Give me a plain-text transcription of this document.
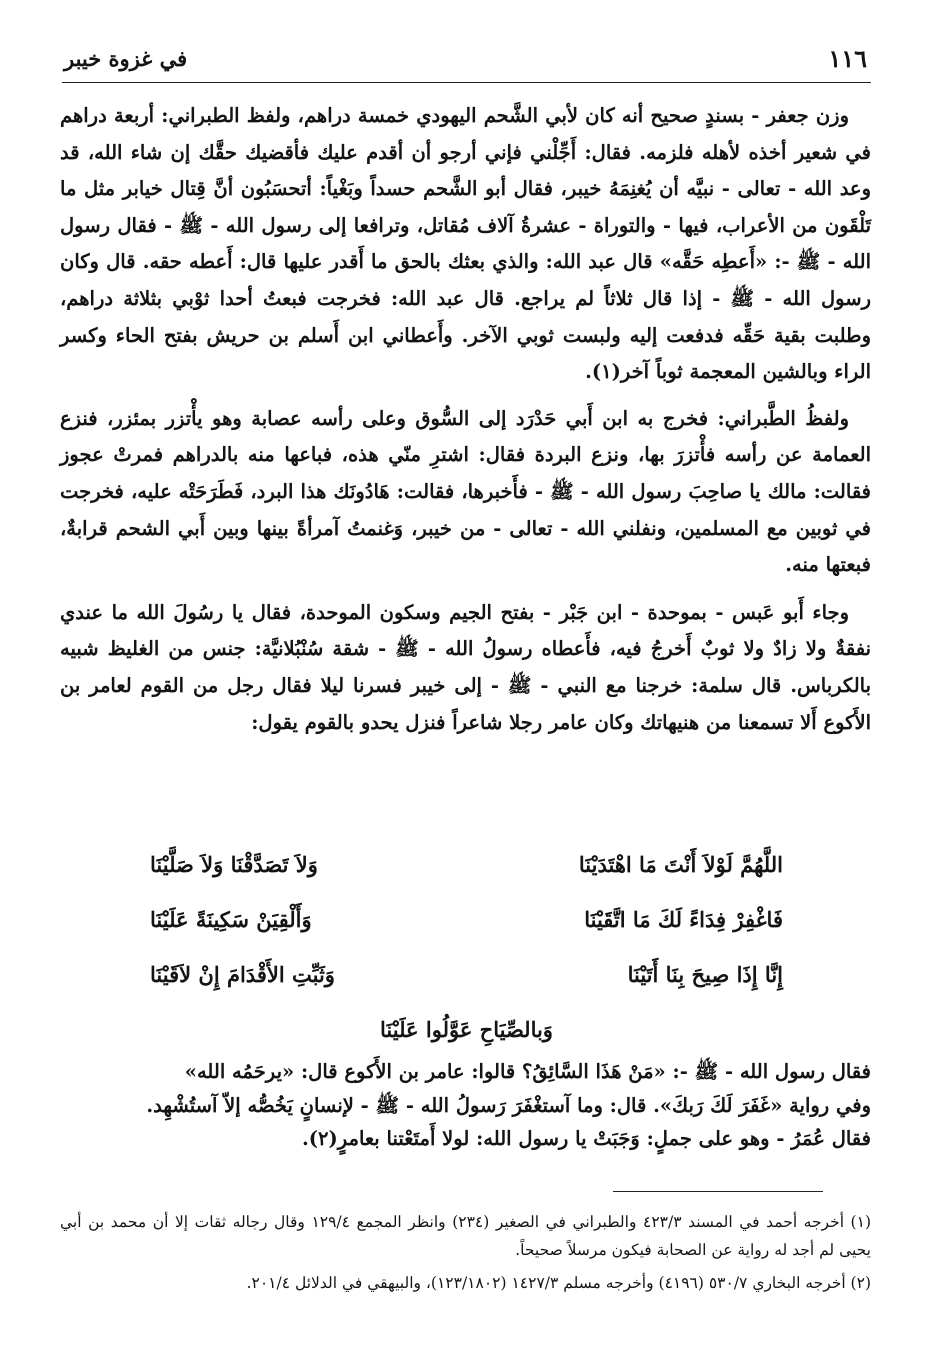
١١٦
في غزوة خيبر

وزن جعفر - بسندٍ صحيح أنه كان لأبي الشَّحم اليهودي خمسة دراهم، ولفظ الطبراني: أربعة دراهم في شعير أخذه لأهله فلزمه. فقال: أَجِّلْني فإني أرجو أن أقدم عليك فأقضيك حقَّك إن شاء الله، قد وعد الله - تعالى - نبيَّه أن يُغنِمَهُ خيبر، فقال أبو الشَّحم حسداً وبَغْياً: أتحسَبُون أنَّ قِتال خيابر مثل ما تَلْقَون من الأعراب، فيها - والتوراة - عشرةُ آلاف مُقاتل، وترافعا إلى رسول الله - ﷺ - فقال رسول الله - ﷺ -: «أَعطِه حَقَّه» قال عبد الله: والذي بعثك بالحق ما أَقدر عليها قال: أَعطه حقه. قال وكان رسول الله - ﷺ - إذا قال ثلاثاً لم يراجع. قال عبد الله: فخرجت فبعتُ أحدا ثوْبي بثلاثة دراهم، وطلبت بقية حَقِّه فدفعت إليه ولبست ثوبي الآخر. وأَعطاني ابن أَسلم بن حريش بفتح الحاء وكسر الراء وبالشين المعجمة ثوباً آخر(١).

ولفظُ الطَّبراني: فخرج به ابن أَبي حَدْرَد إلى السُّوق وعلى رأسه عصابة وهو يأْتزر بمئزر، فنزع العمامة عن رأسه فأْتزرَ بها، ونزع البردة فقال: اشترِ منّي هذه، فباعها منه بالدراهم فمرتْ عجوز فقالت: مالك يا صاحِبَ رسول الله - ﷺ - فأَخبرها، فقالت: هَادُونَك هذا البرد، فَطَرَحَتْه عليه، فخرجت في ثوبين مع المسلمين، ونفلني الله - تعالى - من خيبر، وَغنمتُ آمرأةً بينها وبين أَبي الشحم قرابةٌ، فبعتها منه.

وجاء أَبو عَبس - بموحدة - ابن جَبْر - بفتح الجيم وسكون الموحدة، فقال يا رسُولَ الله ما عندي نفقةٌ ولا زادٌ ولا ثوبٌ أَخرجُ فيه، فأَعطاه رسولُ الله - ﷺ - شقة سُنْبُلانيَّة: جنس من الغليظ شبيه بالكرباس. قال سلمة: خرجنا مع النبي - ﷺ - إلى خيبر فسرنا ليلا فقال رجل من القوم لعامر بن الأَكوع أَلا تسمعنا من هنيهاتك وكان عامر رجلا شاعراً فنزل يحدو بالقوم يقول:

اللَّهُمَّ لَوْلاَ أَنْتَ مَا اهْتَدَيْنَا
وَلاَ تَصَدَّقْنَا وَلاَ صَلَّيْنَا
فَاغْفِرْ فِدَاءً لَكَ مَا اتَّقَيْنَا
وَأَلْقِيَنْ سَكِينَةً عَلَيْنَا
إِنَّا إِذَا صِيحَ بِنَا أَتَيْنَا
وَثَبِّتِ الأَقْدَامَ إِنْ لاَقَيْنَا
وَبالصِّيَاحِ عَوَّلُوا عَلَيْنَا

فقال رسول الله - ﷺ -: «مَنْ هَذَا السَّائِقُ؟ قالوا: عامر بن الأَكوع قال: «يرحَمُه الله»

وفي رواية «غَفَرَ لَكَ رَبكَ». قال: وما آستغْفَرَ رَسولُ الله - ﷺ - لإنسانٍ يَخُصُّه إلاّ آستُشْهِد.

فقال عُمَرُ - وهو على جملٍ: وَجَبَتْ يا رسول الله: لولا أَمتَعْتنا بعامرٍ(٢).

(١) أخرجه أحمد في المسند ٤٢٣/٣ والطبراني في الصغير (٢٣٤) وانظر المجمع ١٢٩/٤ وقال رجاله ثقات إلا أن محمد بن أبي يحيى لم أجد له رواية عن الصحابة فيكون مرسلاً صحيحاً.

(٢) أخرجه البخاري ٥٣٠/٧ (٤١٩٦) وأخرجه مسلم ١٤٢٧/٣ (١٢٣/١٨٠٢)، والبيهقي في الدلائل ٢٠١/٤.
